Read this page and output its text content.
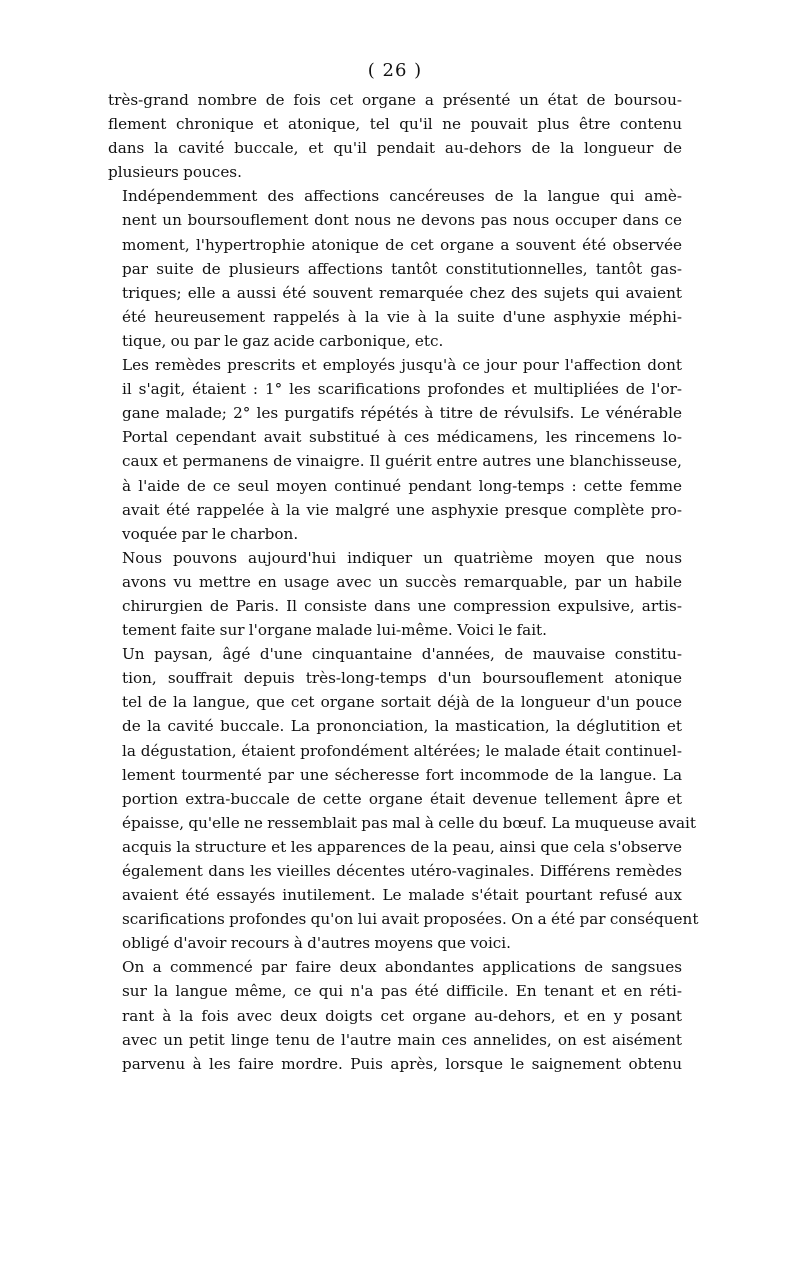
( 26 )

très-grand nombre de fois cet organe a présenté un état de boursou-
flement chronique et atonique, tel qu'il ne pouvait plus être contenu
dans la cavité buccale, et qu'il pendait au-dehors de la longueur de
plusieurs pouces.

Indépendemment des affections cancéreuses de la langue qui amè-
nent un boursouflement dont nous ne devons pas nous occuper dans ce
moment, l'hypertrophie atonique de cet organe a souvent été observée
par suite de plusieurs affections tantôt constitutionnelles, tantôt gas-
triques; elle a aussi été souvent remarquée chez des sujets qui avaient
été heureusement rappelés à la vie à la suite d'une asphyxie méphi-
tique, ou par le gaz acide carbonique, etc.

Les remèdes prescrits et employés jusqu'à ce jour pour l'affection dont
il s'agit, étaient : 1° les scarifications profondes et multipliées de l'or-
gane malade; 2° les purgatifs répétés à titre de révulsifs. Le vénérable
Portal cependant avait substitué à ces médicamens, les rincemens lo-
caux et permanens de vinaigre. Il guérit entre autres une blanchisseuse,
à l'aide de ce seul moyen continué pendant long-temps : cette femme
avait été rappelée à la vie malgré une asphyxie presque complète pro-
voquée par le charbon.

Nous pouvons aujourd'hui indiquer un quatrième moyen que nous
avons vu mettre en usage avec un succès remarquable, par un habile
chirurgien de Paris. Il consiste dans une compression expulsive, artis-
tement faite sur l'organe malade lui-même. Voici le fait.

Un paysan, âgé d'une cinquantaine d'années, de mauvaise constitu-
tion, souffrait depuis très-long-temps d'un boursouflement atonique
tel de la langue, que cet organe sortait déjà de la longueur d'un pouce
de la cavité buccale. La prononciation, la mastication, la déglutition et
la dégustation, étaient profondément altérées; le malade était continuel-
lement tourmenté par une sécheresse fort incommode de la langue. La
portion extra-buccale de cette organe était devenue tellement âpre et
épaisse, qu'elle ne ressemblait pas mal à celle du bœuf. La muqueuse avait
acquis la structure et les apparences de la peau, ainsi que cela s'observe
également dans les vieilles décentes utéro-vaginales. Différens remèdes
avaient été essayés inutilement. Le malade s'était pourtant refusé aux
scarifications profondes qu'on lui avait proposées. On a été par conséquent
obligé d'avoir recours à d'autres moyens que voici.

On a commencé par faire deux abondantes applications de sangsues
sur la langue même, ce qui n'a pas été difficile. En tenant et en réti-
rant à la fois avec deux doigts cet organe au-dehors, et en y posant
avec un petit linge tenu de l'autre main ces annelides, on est aisément
parvenu à les faire mordre. Puis après, lorsque le saignement obtenu
